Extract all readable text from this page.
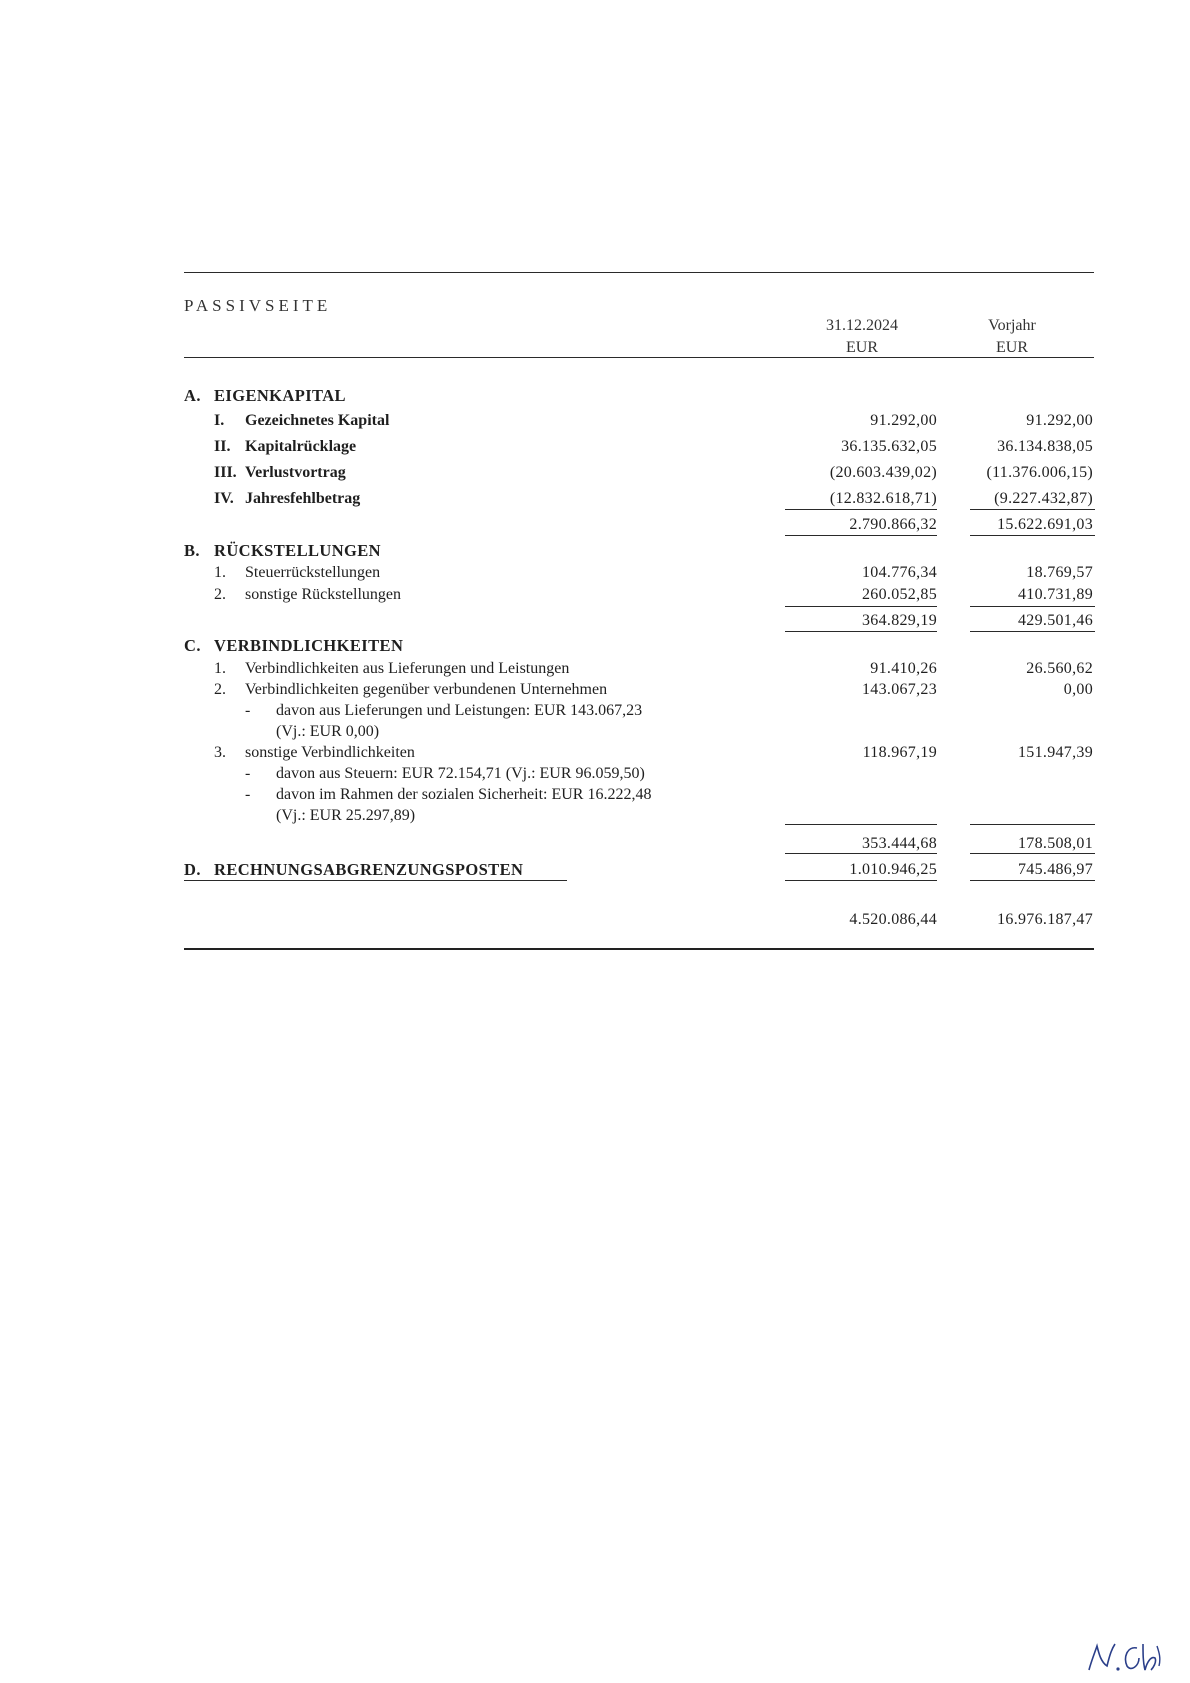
PASSIVSEITE
31.12.2024
EUR
Vorjahr
EUR
A. EIGENKAPITAL
I. Gezeichnetes Kapital	91.292,00	91.292,00
II. Kapitalrücklage	36.135.632,05	36.134.838,05
III. Verlustvortrag	(20.603.439,02)	(11.376.006,15)
IV. Jahresfehlbetrag	(12.832.618,71)	(9.227.432,87)
2.790.866,32	15.622.691,03
B. RÜCKSTELLUNGEN
1. Steuerrückstellungen	104.776,34	18.769,57
2. sonstige Rückstellungen	260.052,85	410.731,89
364.829,19	429.501,46
C. VERBINDLICHKEITEN
1. Verbindlichkeiten aus Lieferungen und Leistungen	91.410,26	26.560,62
2. Verbindlichkeiten gegenüber verbundenen Unternehmen	143.067,23	0,00
- davon aus Lieferungen und Leistungen: EUR 143.067,23
(Vj.: EUR 0,00)
3. sonstige Verbindlichkeiten	118.967,19	151.947,39
- davon aus Steuern: EUR 72.154,71 (Vj.: EUR 96.059,50)
- davon im Rahmen der sozialen Sicherheit: EUR 16.222,48
(Vj.: EUR 25.297,89)
353.444,68	178.508,01
D. RECHNUNGSABGRENZUNGSPOSTEN	1.010.946,25	745.486,97
4.520.086,44	16.976.187,47
